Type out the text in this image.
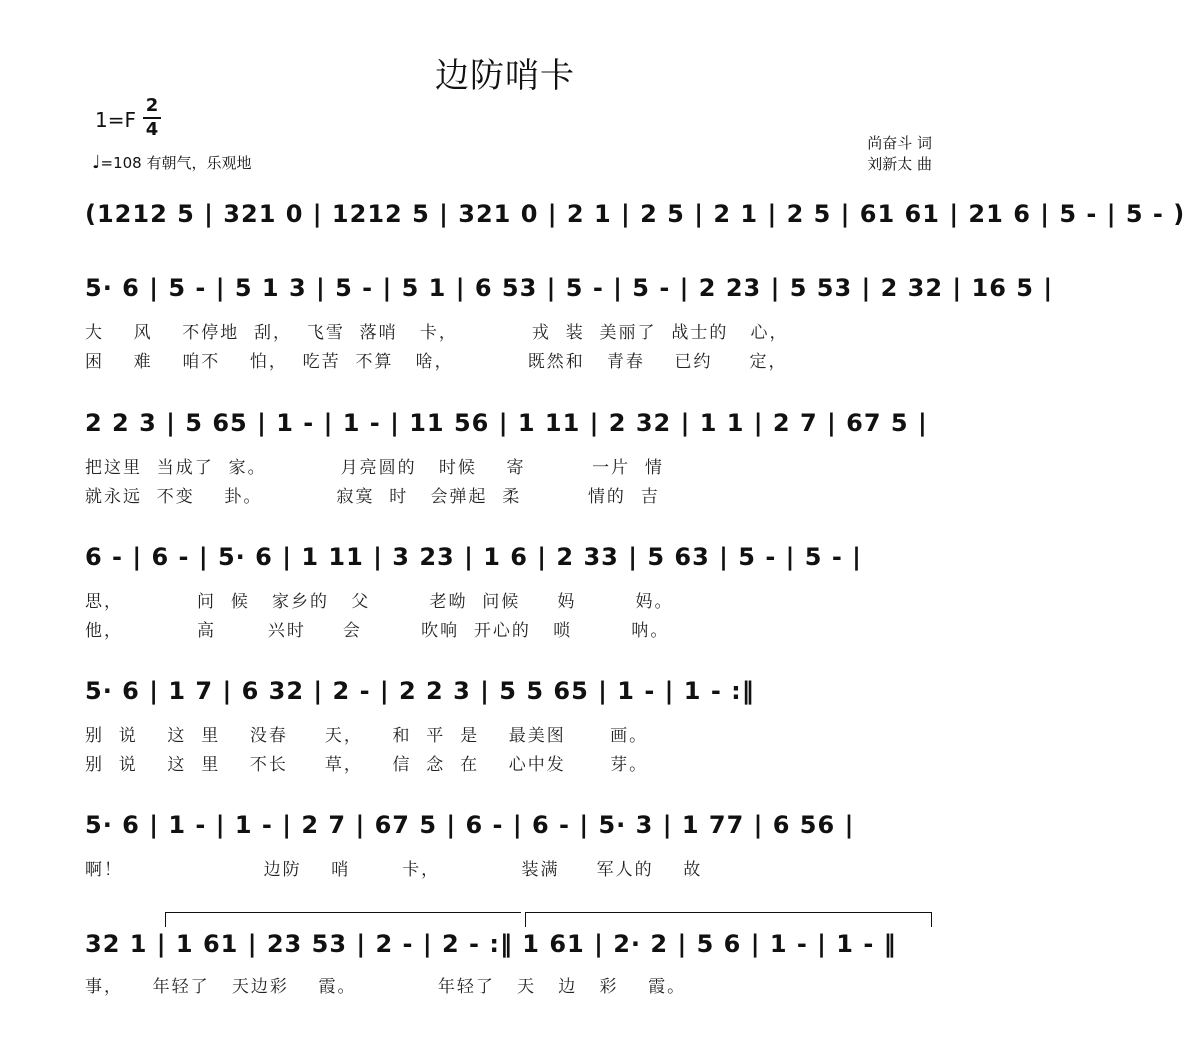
边防哨卡
1=F
2
4
♩=108 有朝气，乐观地
尚奋斗 词
刘新太 曲
(1212 5 | 321 0 | 1212 5 | 321 0 | 2 1 | 2 5 | 2 1 | 2 5 | 61 61 | 21 6 | 5 - | 5 - )
5· 6 | 5 - | 5 1 3 | 5 - | 5 1 | 6 53 | 5 - | 5 - | 2 23 | 5 53 | 2 32 | 16 5 |
大    风    不停地  刮，  飞雪  落哨   卡，          戎  装  美丽了  战士的   心，
困    难    咱不    怕，  吃苦  不算   啥，          既然和   青春    已约     定，
2 2 3 | 5 65 | 1 - | 1 - | 11 56 | 1 11 | 2 32 | 1 1 | 2 7 | 67 5 |
把这里  当成了  家。          月亮圆的   时候    寄         一片  情
就永远  不变    卦。          寂寞  时   会弹起  柔         情的  吉
6 - | 6 - | 5· 6 | 1 11 | 3 23 | 1 6 | 2 33 | 5 63 | 5 - | 5 - |
思，          问  候   家乡的   父        老呦  问候     妈        妈。
他，          高       兴时     会        吹响  开心的   唢        呐。
5· 6 | 1 7 | 6 32 | 2 - | 2 2 3 | 5 5 65 | 1 - | 1 - :‖
别  说    这  里    没春     天，    和  平  是    最美图      画。
别  说    这  里    不长     草，    信  念  在    心中发      芽。
5· 6 | 1 - | 1 - | 2 7 | 67 5 | 6 - | 6 - | 5· 3 | 1 77 | 6 56 |
啊！                   边防    哨       卡，           装满     军人的    故
32 1 | 1 61 | 23 53 | 2 - | 2 - :‖ 1 61 | 2· 2 | 5 6 | 1 - | 1 - ‖
事，    年轻了   天边彩    霞。           年轻了   天   边   彩    霞。
